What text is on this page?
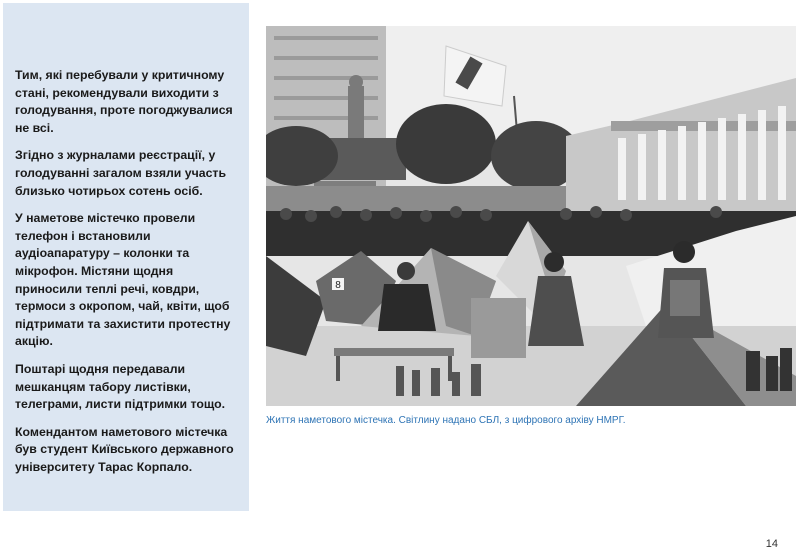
Тим, які перебували у критичному стані, рекомендували виходити з голодування, проте погоджувалися не всі.

Згідно з журналами реєстрації, у голодуванні загалом взяли участь близько чотирьох сотень осіб.

У наметове містечко провели телефон і встановили аудіоапаратуру – колонки та мікрофон. Містяни щодня приносили теплі речі, ковдри, термоси з окропом, чай, квіти, щоб підтримати та захистити протестну акцію.

Поштарі щодня передавали мешканцям табору листівки, телеграми, листи підтримки тощо.

Комендантом наметового містечка був студент Київського державного університету Тарас Корпало.

8
Життя наметового містечка. Світлину надано СБЛ, з цифрового архіву НМРГ.
14
